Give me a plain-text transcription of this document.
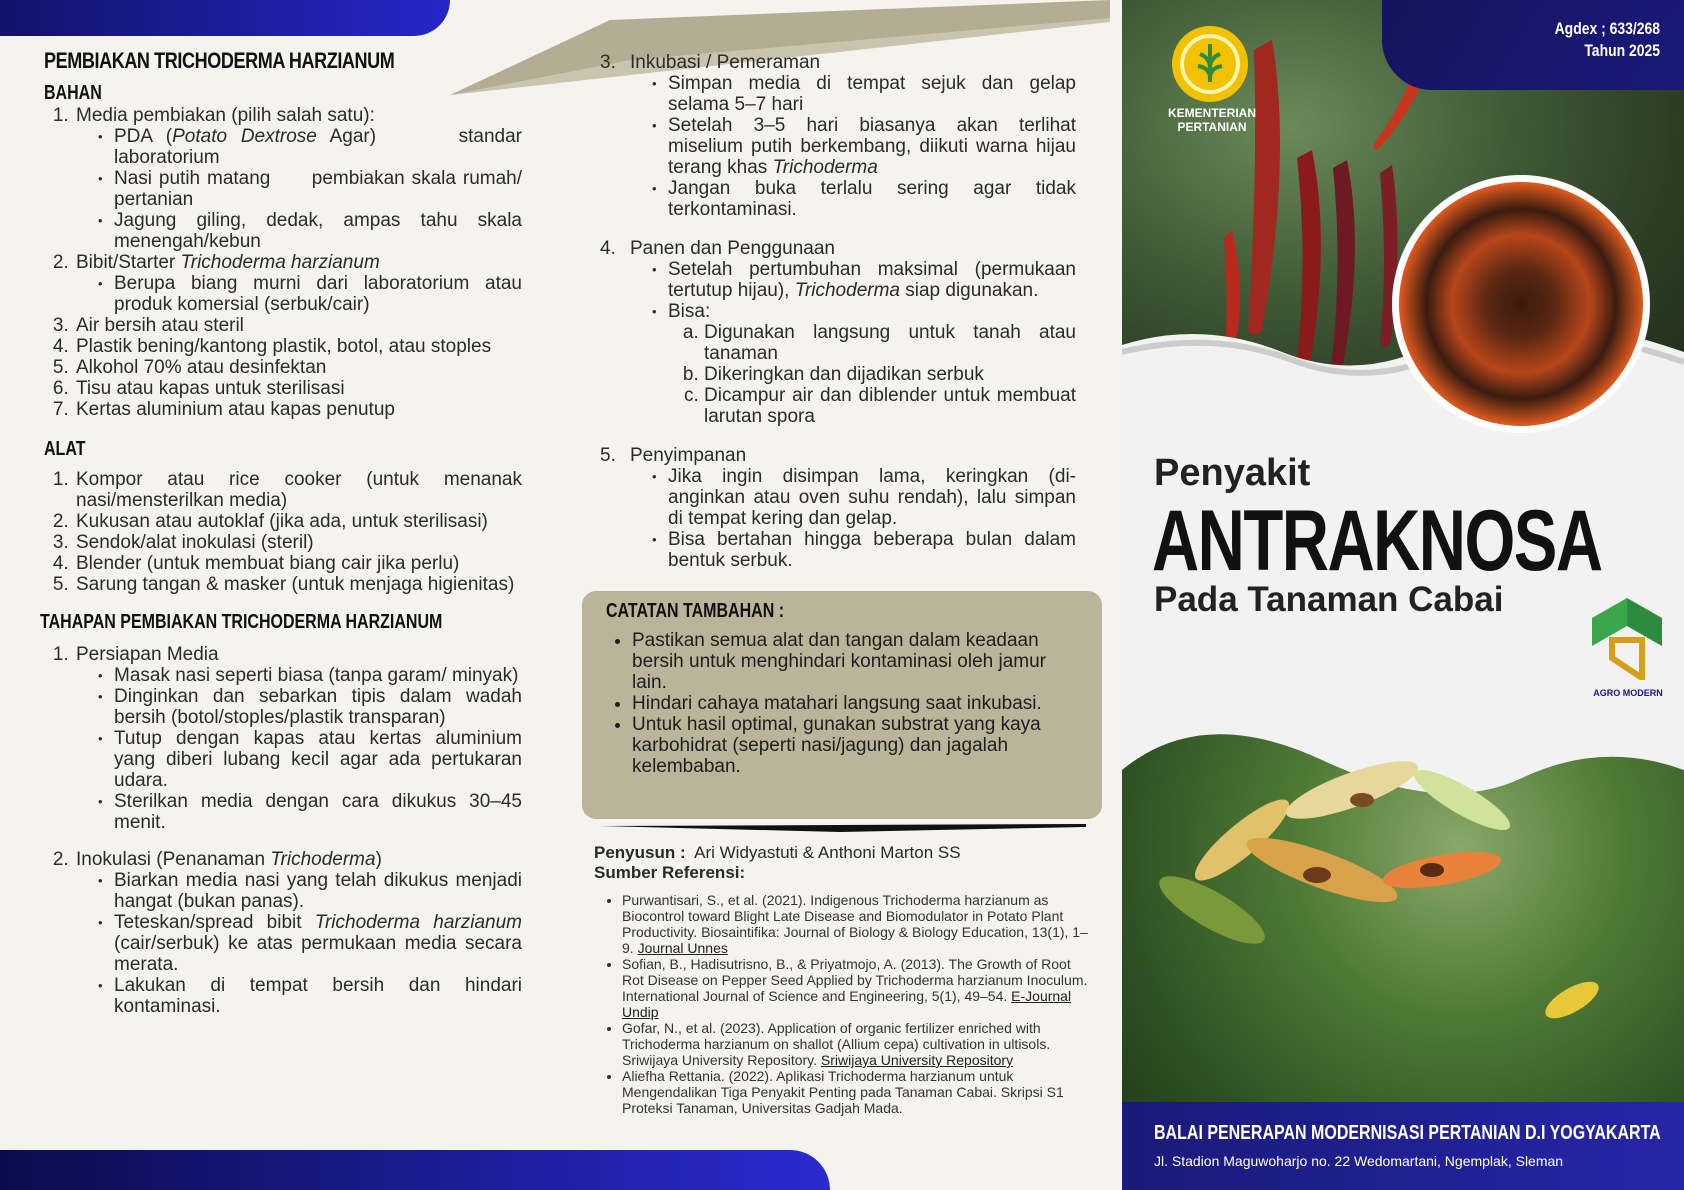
PEMBIAKAN TRICHODERMA HARZIANUM
BAHAN
1. Media pembiakan (pilih salah satu):
• PDA (Potato Dextrose Agar)      standar laboratorium
• Nasi putih matang      pembiakan skala rumah/ pertanian
• Jagung giling, dedak, ampas tahu skala menengah/kebun
2. Bibit/Starter Trichoderma harzianum
• Berupa biang murni dari laboratorium atau produk komersial (serbuk/cair)
3. Air bersih atau steril
4. Plastik bening/kantong plastik, botol, atau stoples
5. Alkohol 70% atau desinfektan
6. Tisu atau kapas untuk sterilisasi
7. Kertas aluminium atau kapas penutup
ALAT
1. Kompor atau rice cooker (untuk menanak nasi/mensterilkan media)
2. Kukusan atau autoklaf (jika ada, untuk sterilisasi)
3. Sendok/alat inokulasi (steril)
4. Blender (untuk membuat biang cair jika perlu)
5. Sarung tangan & masker (untuk menjaga higienitas)
TAHAPAN PEMBIAKAN TRICHODERMA HARZIANUM
1. Persiapan Media
• Masak nasi seperti biasa (tanpa garam/ minyak)
• Dinginkan dan sebarkan tipis dalam wadah bersih (botol/stoples/plastik transparan)
• Tutup dengan kapas atau kertas aluminium yang diberi lubang kecil agar ada pertukaran udara.
• Sterilkan media dengan cara dikukus 30–45 menit.
2. Inokulasi (Penanaman Trichoderma)
• Biarkan media nasi yang telah dikukus menjadi hangat (bukan panas).
• Teteskan/spread bibit Trichoderma harzianum (cair/serbuk) ke atas permukaan media secara merata.
• Lakukan di tempat bersih dan hindari kontaminasi.
3. Inkubasi / Pemeraman
• Simpan media di tempat sejuk dan gelap selama 5–7 hari
• Setelah 3–5 hari biasanya akan terlihat miselium putih berkembang, diikuti warna hijau terang khas Trichoderma
• Jangan buka terlalu sering agar tidak terkontaminasi.
4. Panen dan Penggunaan
• Setelah pertumbuhan maksimal (permukaan tertutup hijau), Trichoderma siap digunakan.
• Bisa:
a. Digunakan langsung untuk tanah atau tanaman
b. Dikeringkan dan dijadikan serbuk
c. Dicampur air dan diblender untuk membuat larutan spora
5. Penyimpanan
• Jika ingin disimpan lama, keringkan (di-anginkan atau oven suhu rendah), lalu simpan di tempat kering dan gelap.
• Bisa bertahan hingga beberapa bulan dalam bentuk serbuk.
CATATAN TAMBAHAN :
• Pastikan semua alat dan tangan dalam keadaan bersih untuk menghindari kontaminasi oleh jamur lain.
• Hindari cahaya matahari langsung saat inkubasi.
• Untuk hasil optimal, gunakan substrat yang kaya karbohidrat (seperti nasi/jagung) dan jagalah kelembaban.
Penyusun : Ari Widyastuti & Anthoni Marton SS
Sumber Referensi:
• Purwantisari, S., et al. (2021). Indigenous Trichoderma harzianum as Biocontrol toward Blight Late Disease and Biomodulator in Potato Plant Productivity. Biosaintifika: Journal of Biology & Biology Education, 13(1), 1–9. Journal Unnes
• Sofian, B., Hadisutrisno, B., & Priyatmojo, A. (2013). The Growth of Root Rot Disease on Pepper Seed Applied by Trichoderma harzianum Inoculum. International Journal of Science and Engineering, 5(1), 49–54. E-Journal Undip
• Gofar, N., et al. (2023). Application of organic fertilizer enriched with Trichoderma harzianum on shallot (Allium cepa) cultivation in ultisols. Sriwijaya University Repository. Sriwijaya University Repository
• Aliefha Rettania. (2022). Aplikasi Trichoderma harzianum untuk Mengendalikan Tiga Penyakit Penting pada Tanaman Cabai. Skripsi S1 Proteksi Tanaman, Universitas Gadjah Mada.
Agdex ; 633/268
Tahun 2025
KEMENTERIAN
PERTANIAN
Penyakit
ANTRAKNOSA
Pada Tanaman Cabai
AGRO MODERN
BALAI PENERAPAN MODERNISASI PERTANIAN D.I YOGYAKARTA
Jl. Stadion Maguwoharjo no. 22 Wedomartani, Ngemplak, Sleman
